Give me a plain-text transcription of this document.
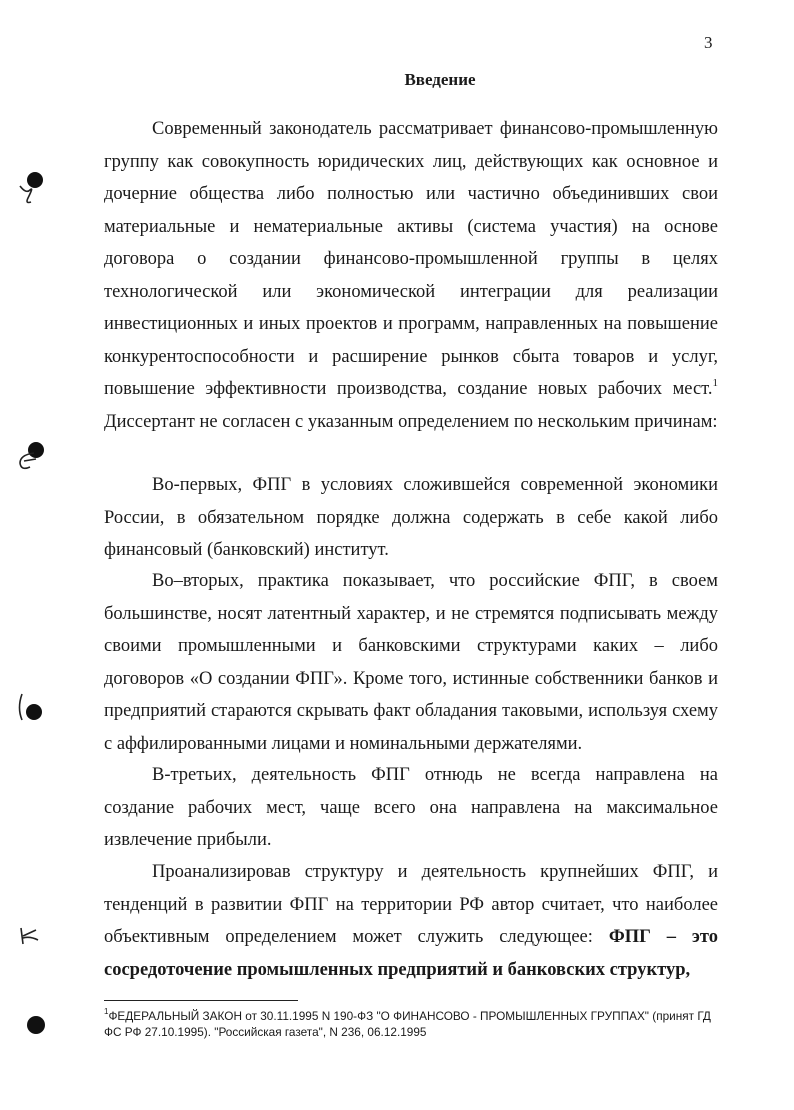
3
Введение
Современный законодатель рассматривает финансово-промышленную группу как совокупность юридических лиц, действующих как основное и дочерние общества либо полностью или частично объединивших свои материальные и нематериальные активы (система участия) на основе договора о создании финансово-промышленной группы в целях технологической или экономической интеграции для реализации инвестиционных и иных проектов и программ, направленных на повышение конкурентоспособности и расширение рынков сбыта товаров и услуг, повышение эффективности производства, создание новых рабочих мест.$^1$ Диссертант не согласен с указанным определением по нескольким причинам:
Во-первых, ФПГ в условиях сложившейся современной экономики России, в обязательном порядке должна содержать в себе какой либо финансовый (банковский) институт.
Во–вторых, практика показывает, что российские ФПГ, в своем большинстве, носят латентный характер, и не стремятся подписывать между своими промышленными и банковскими структурами каких – либо договоров «О создании ФПГ». Кроме того, истинные собственники банков и предприятий стараются скрывать факт обладания таковыми, используя схему с аффилированными лицами и номинальными держателями.
В-третьих, деятельность ФПГ отнюдь не всегда направлена на создание рабочих мест, чаще всего она направлена на максимальное извлечение прибыли.
Проанализировав структуру и деятельность крупнейших ФПГ, и тенденций в развитии ФПГ на территории РФ автор считает, что наиболее объективным определением может служить следующее: ФПГ – это сосредоточение промышленных предприятий и банковских структур,
$^1$ФЕДЕРАЛЬНЫЙ ЗАКОН от 30.11.1995 N 190-ФЗ "О ФИНАНСОВО - ПРОМЫШЛЕННЫХ ГРУППАХ" (принят ГД ФС РФ 27.10.1995). "Российская газета", N 236, 06.12.1995
